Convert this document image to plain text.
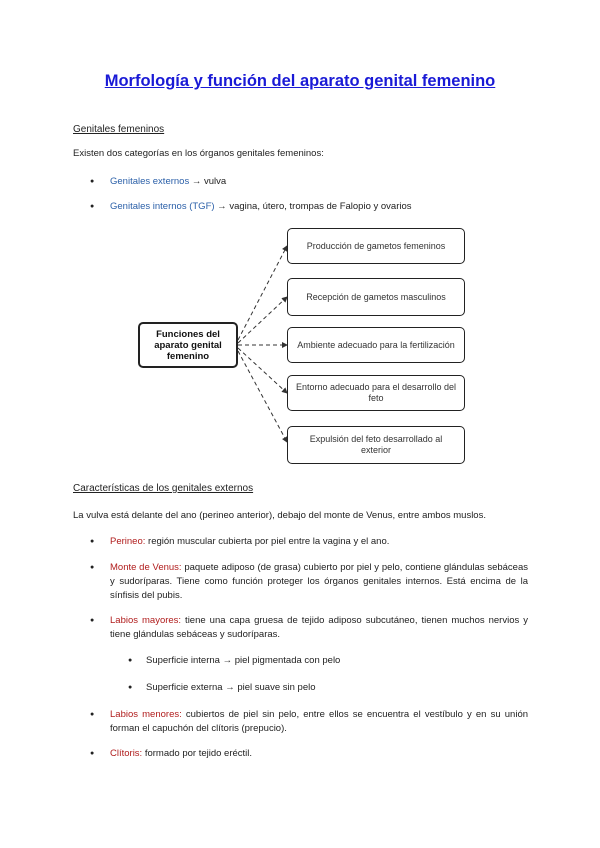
Morfología y función del aparato genital femenino
Genitales femeninos
Existen dos categorías en los órganos genitales femeninos:
● Genitales externos → vulva
● Genitales internos (TGF) → vagina, útero, trompas de Falopio y ovarios
Funciones del aparato genital femenino
Producción de gametos femeninos
Recepción de gametos masculinos
Ambiente adecuado para la fertilización
Entorno adecuado para el desarrollo del feto
Expulsión del feto desarrollado al exterior
Características de los genitales externos
La vulva está delante del ano (perineo anterior), debajo del monte de Venus, entre ambos muslos.
● Perineo: región muscular cubierta por piel entre la vagina y el ano.
● Monte de Venus: paquete adiposo (de grasa) cubierto por piel y pelo, contiene glándulas sebáceas y sudoríparas. Tiene como función proteger los órganos genitales internos. Está encima de la sínfisis del pubis.
● Labios mayores: tiene una capa gruesa de tejido adiposo subcutáneo, tienen muchos nervios y tiene glándulas sebáceas y sudoríparas.
● Superficie interna → piel pigmentada con pelo
● Superficie externa → piel suave sin pelo
● Labios menores: cubiertos de piel sin pelo, entre ellos se encuentra el vestíbulo y en su unión forman el capuchón del clítoris (prepucio).
● Clítoris: formado por tejido eréctil.
